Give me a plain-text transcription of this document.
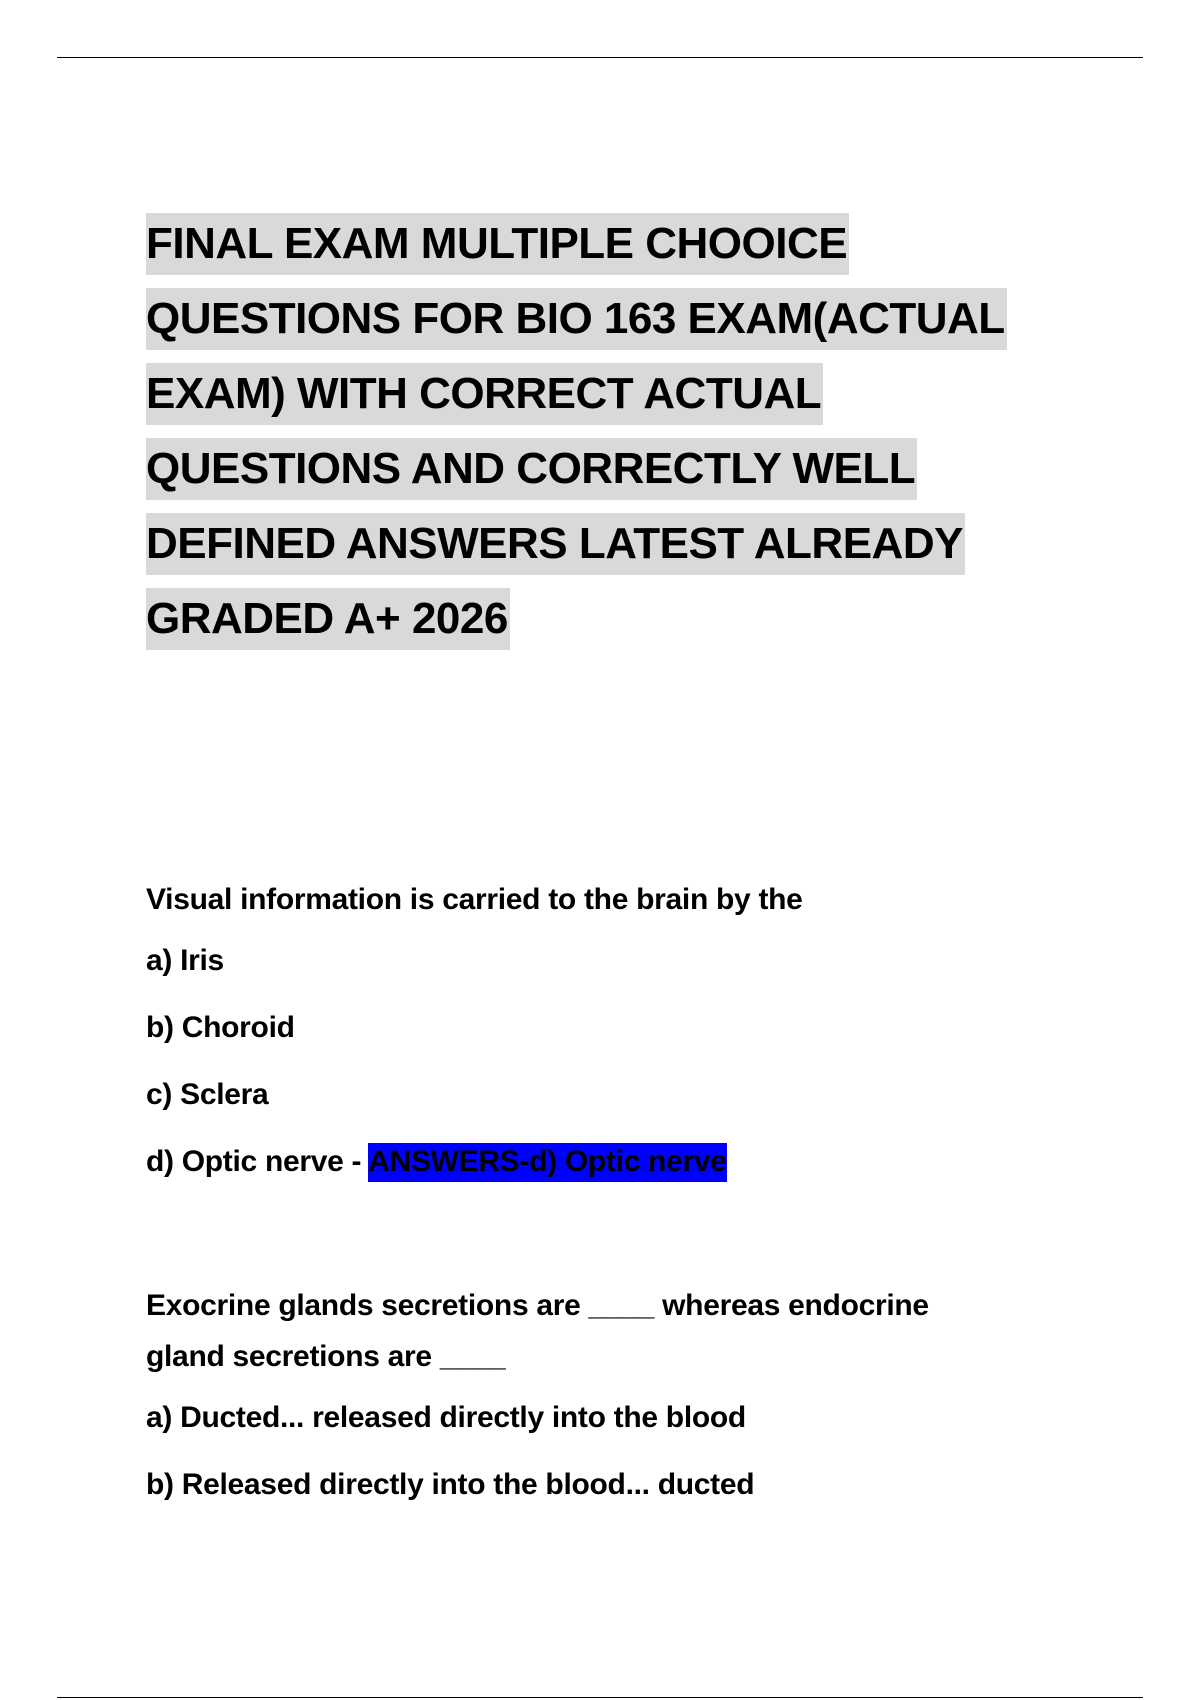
FINAL EXAM MULTIPLE CHOOICE
QUESTIONS FOR BIO 163 EXAM(ACTUAL
EXAM) WITH CORRECT ACTUAL
QUESTIONS AND CORRECTLY WELL
DEFINED ANSWERS LATEST ALREADY
GRADED A+ 2026

Visual information is carried to the brain by the

a) Iris
b) Choroid
c) Sclera
d) Optic nerve - ANSWERS-d) Optic nerve

Exocrine glands secretions are ____ whereas endocrine

gland secretions are ____

a) Ducted... released directly into the blood
b) Released directly into the blood... ducted
